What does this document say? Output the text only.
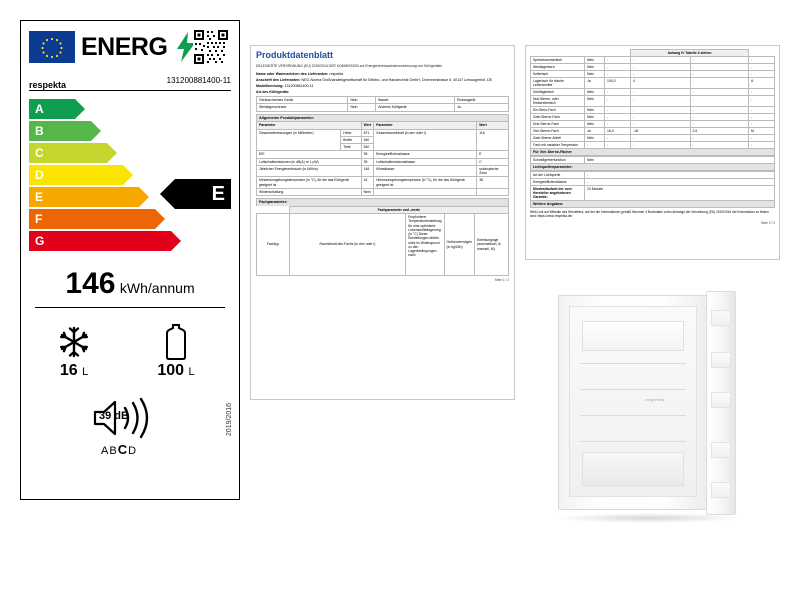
ENERG
respekta	131200881400-11
A
B
C
D
E
F
G
E
146 kWh/annum
16 L	100 L
39 dB
ABCD
2019/2016
Produktdatenblatt
DELEGIERTE VERORDNUNG (EU) 2019/2016 DER KOMMISSION zur Energieverbrauchskennzeichnung von Kühlgeräten
Name oder Warenzeichen des Lieferanten: respekta
Anschrift des Lieferanten: NEG-Norma Großhandelsgesellschaft für Elektro- und Haustechnik GmbH, Chemnerstrasse 5, 40147 Leinaugerhof, DE
Modellkennung: 131200881400-11
Art des Kühlgeräts:
Geräuscharmes Gerät:	Nein	Bauart:	Einbaugerät
Weinlagerschrank:	Nein	Anderes Kühlgerät:	Ja
Allgemeine Produktparameter:
Parameter		Wert	Parameter	Wert
Gesamtabmessungen (in Millimeter)	Höhe	871	Gesamtrauminhalt (in dm³ oder l)	116
	Breite	540		
	Tiefe	540		
EEI		95	Energieeffizienzklasse	E
Luftschallemissionen (in dB(A) re 1 pW)		39	Luftschallemissionsklasse	C
Jährlicher Energieverbrauch (in kWh/a)		146	Klimaklasse:	subtropische Zone
Mindestumgebungstemperatur (in °C), für die das Kühlgerät geeignet ist		16	Höchstumgebungstemperatur (in °C), für die das Kühlgerät geeignet ist	38
Winterschaltung		Nein		
Fachparameter:
	Fachparameter und -werte			
Fachtyp	Rauminhalt des Fachs (in dm³ oder l)	Empfohlene Temperatureinstellung für eine optimierte Lebensmittellagerung (in °C) Diese Einstellungen dürfen nicht im Widerspruch zu den Lagerbedingungen nach	Gefriervermögen (in kg/24h)	Enteisungstyp (automatisch, A; manuell, M)
Seite 1 / 2
			Anhang IV Tabelle 3 stehen		
Speisekammerfach	Nein	-	-	-	-
Weinlagerfach	Nein	-	-	-	-
Kellerfach	Nein	-	-	-	-
Lagerfach für frische Lebensmittel	Ja	100,0	4	-	A
Kühlfagerfach	Nein	-	-	-	-
Null-Sterne- oder Eisbereiterfach	Nein	-	-	-	-
Ein-Stern-Fach	Nein	-	-	-	-
Zwei-Sterne-Fach	Nein	-	-	-	-
Drei-Sterne-Fach	Nein	-	-	-	-
Vier-Sterne-Fach	Ja	16,0	-18	2,6	M
Zwei-Sterne-Abteil	Nein	-	-	-	-
Fach mit variabler Temperatur	-	-	-	-	-
Für Vier-Sterne-Fächer
Schnellgefrierfunktion	Nein
Lichtquellenparameter:
Art der Lichtquelle	-
Energieeffizienzklasse	-
Mindestlaufzeit der vom Hersteller angebotenen Garantie:	24 Monate
Weitere Angaben:
Web-Link auf Website des Herstellers, auf der die Informationen gemäß Nummer 4 Buchstabe a des Anhangs der Verordnung (EU) 2019/2016 der Kommission zu finden sind: https://www.respekta.de/
Seite 2 / 2
respekta
